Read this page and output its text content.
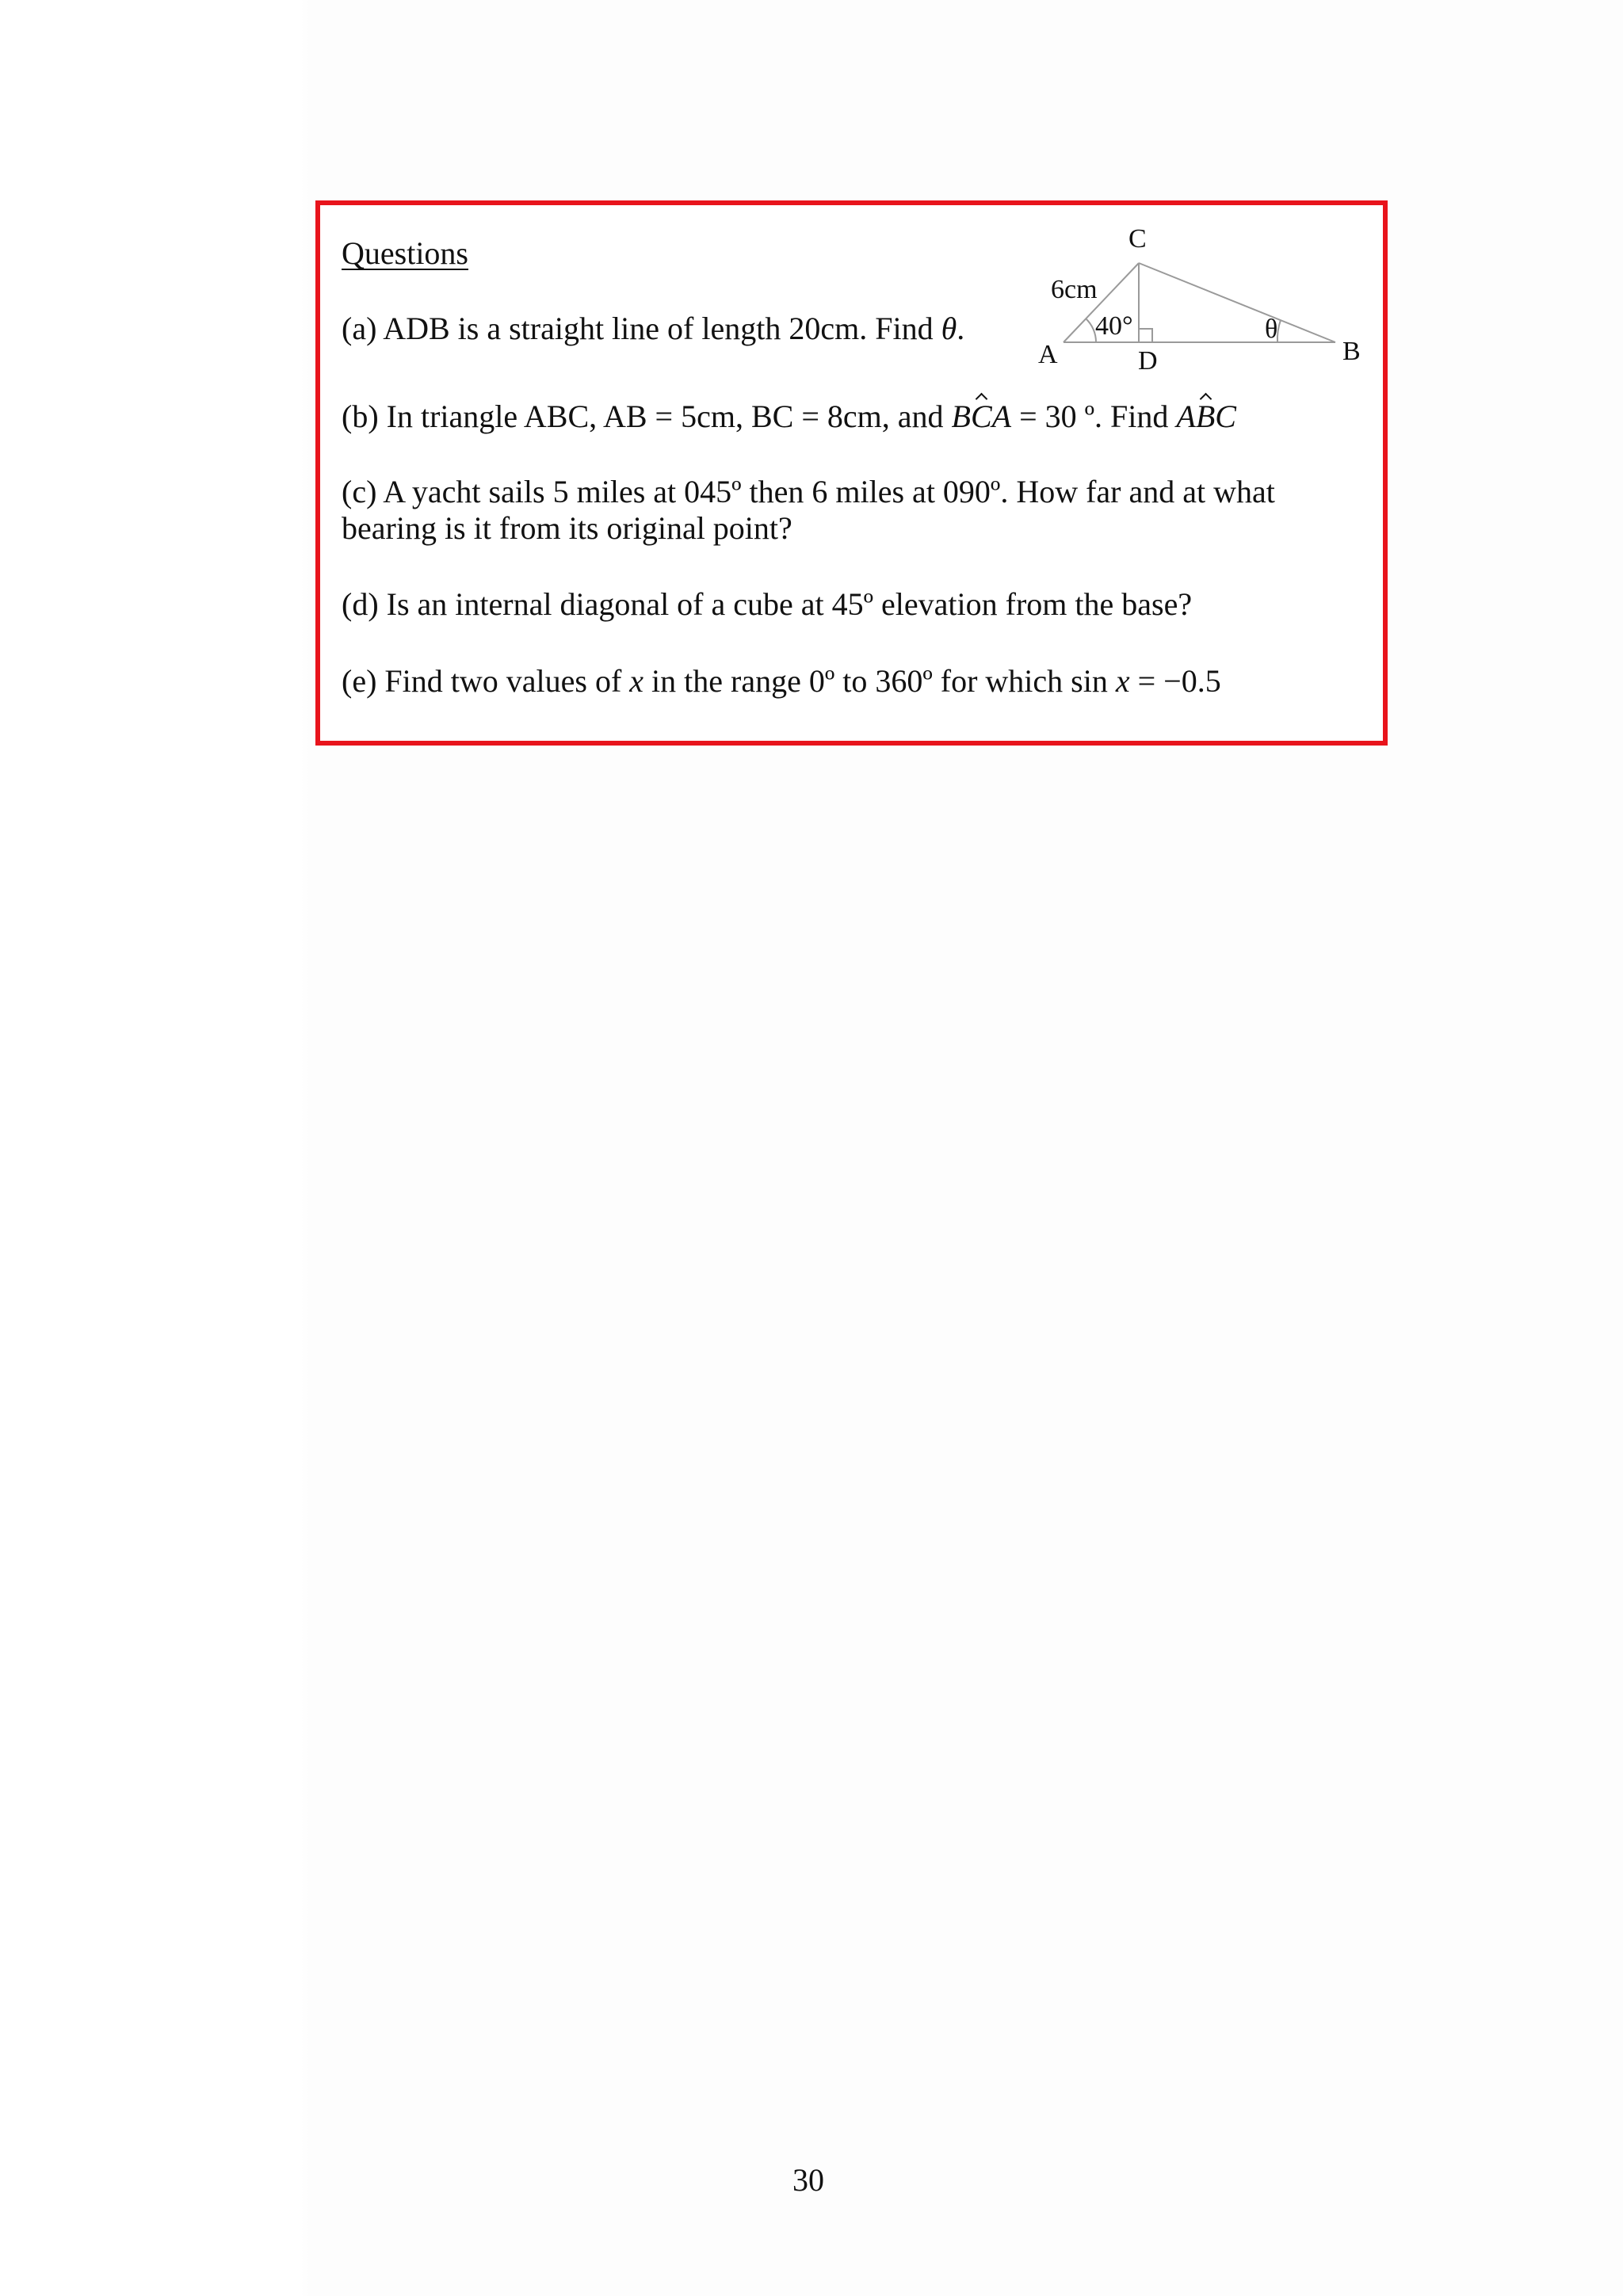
Questions
(a) ADB is a straight line of length 20cm. Find θ.
C
6cm
40°	θ
A	D	B
(b) In triangle ABC, AB = 5cm, BC = 8cm, and BCA = 30 º. Find ABC
(c) A yacht sails 5 miles at 045º then 6 miles at 090º. How far and at what
bearing is it from its original point?
(d) Is an internal diagonal of a cube at 45º elevation from the base?
(e) Find two values of x in the range 0º to 360º for which sin x = −0.5
30
